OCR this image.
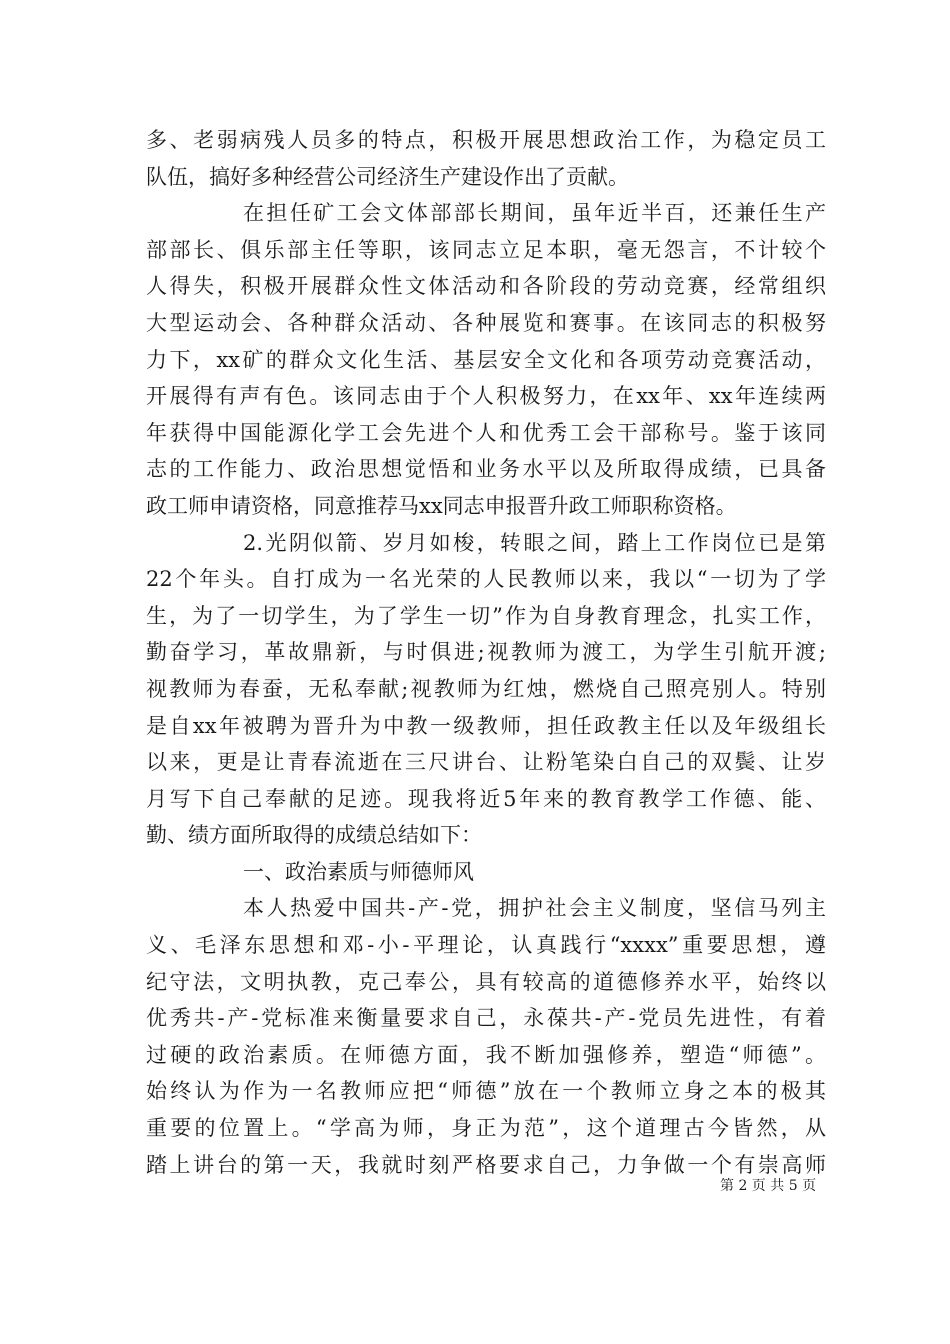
多、老弱病残人员多的特点，积极开展思想政治工作，为稳定员工
队伍，搞好多种经营公司经济生产建设作出了贡献。
在担任矿工会文体部部长期间，虽年近半百，还兼任生产
部部长、俱乐部主任等职，该同志立足本职，毫无怨言，不计较个
人得失，积极开展群众性文体活动和各阶段的劳动竞赛，经常组织
大型运动会、各种群众活动、各种展览和赛事。在该同志的积极努
力下，xx矿的群众文化生活、基层安全文化和各项劳动竞赛活动，
开展得有声有色。该同志由于个人积极努力，在xx年、xx年连续两
年获得中国能源化学工会先进个人和优秀工会干部称号。鉴于该同
志的工作能力、政治思想觉悟和业务水平以及所取得成绩，已具备
政工师申请资格，同意推荐马xx同志申报晋升政工师职称资格。
2.光阴似箭、岁月如梭，转眼之间，踏上工作岗位已是第
22个年头。自打成为一名光荣的人民教师以来，我以“一切为了学
生，为了一切学生，为了学生一切”作为自身教育理念，扎实工作，
勤奋学习，革故鼎新，与时俱进;视教师为渡工，为学生引航开渡;
视教师为春蚕，无私奉献;视教师为红烛，燃烧自己照亮别人。特别
是自xx年被聘为晋升为中教一级教师，担任政教主任以及年级组长
以来，更是让青春流逝在三尺讲台、让粉笔染白自己的双鬓、让岁
月写下自己奉献的足迹。现我将近5年来的教育教学工作德、能、
勤、绩方面所取得的成绩总结如下：
一、政治素质与师德师风
本人热爱中国共-产-党，拥护社会主义制度，坚信马列主
义、毛泽东思想和邓-小-平理论，认真践行“xxxx”重要思想，遵
纪守法，文明执教，克己奉公，具有较高的道德修养水平，始终以
优秀共-产-党标准来衡量要求自己，永葆共-产-党员先进性，有着
过硬的政治素质。在师德方面，我不断加强修养，塑造“师德”。
始终认为作为一名教师应把“师德”放在一个教师立身之本的极其
重要的位置上。“学高为师，身正为范”，这个道理古今皆然，从
踏上讲台的第一天，我就时刻严格要求自己，力争做一个有崇高师
第 2 页 共 5 页
